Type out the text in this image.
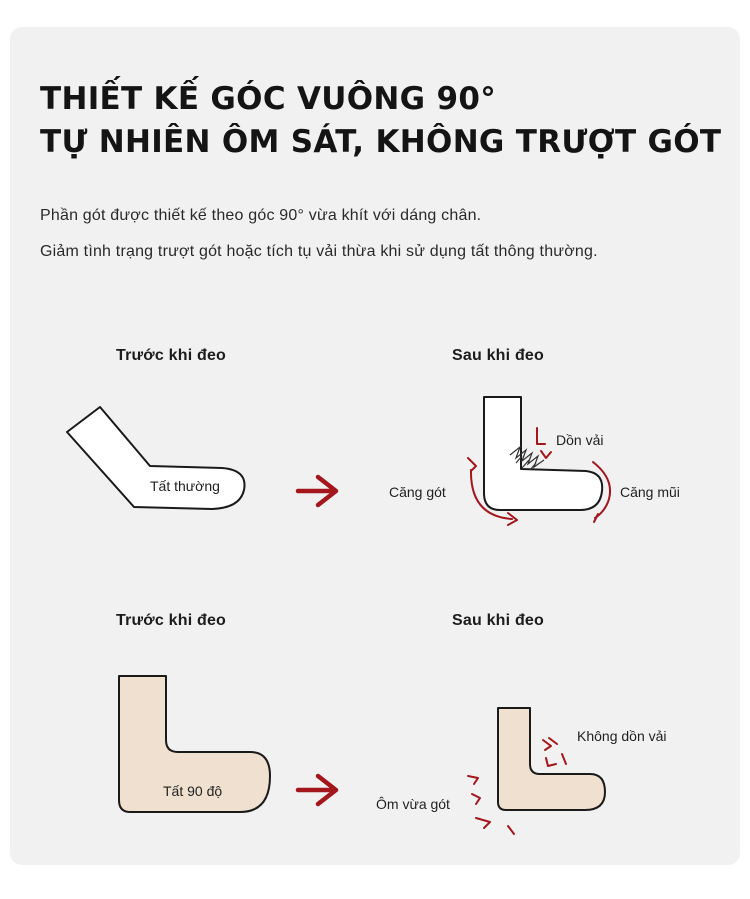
THIẾT KẾ GÓC VUÔNG 90°
TỰ NHIÊN ÔM SÁT, KHÔNG TRƯỢT GÓT

Phần gót được thiết kế theo góc 90° vừa khít với dáng chân.
Giảm tình trạng trượt gót hoặc tích tụ vải thừa khi sử dụng tất thông thường.

Trước khi đeo	Sau khi đeo
Tất thường
Dồn vải
Căng gót	Căng mũi
Trước khi đeo	Sau khi đeo
Tất 90 độ
Không dồn vải
Ôm vừa gót
